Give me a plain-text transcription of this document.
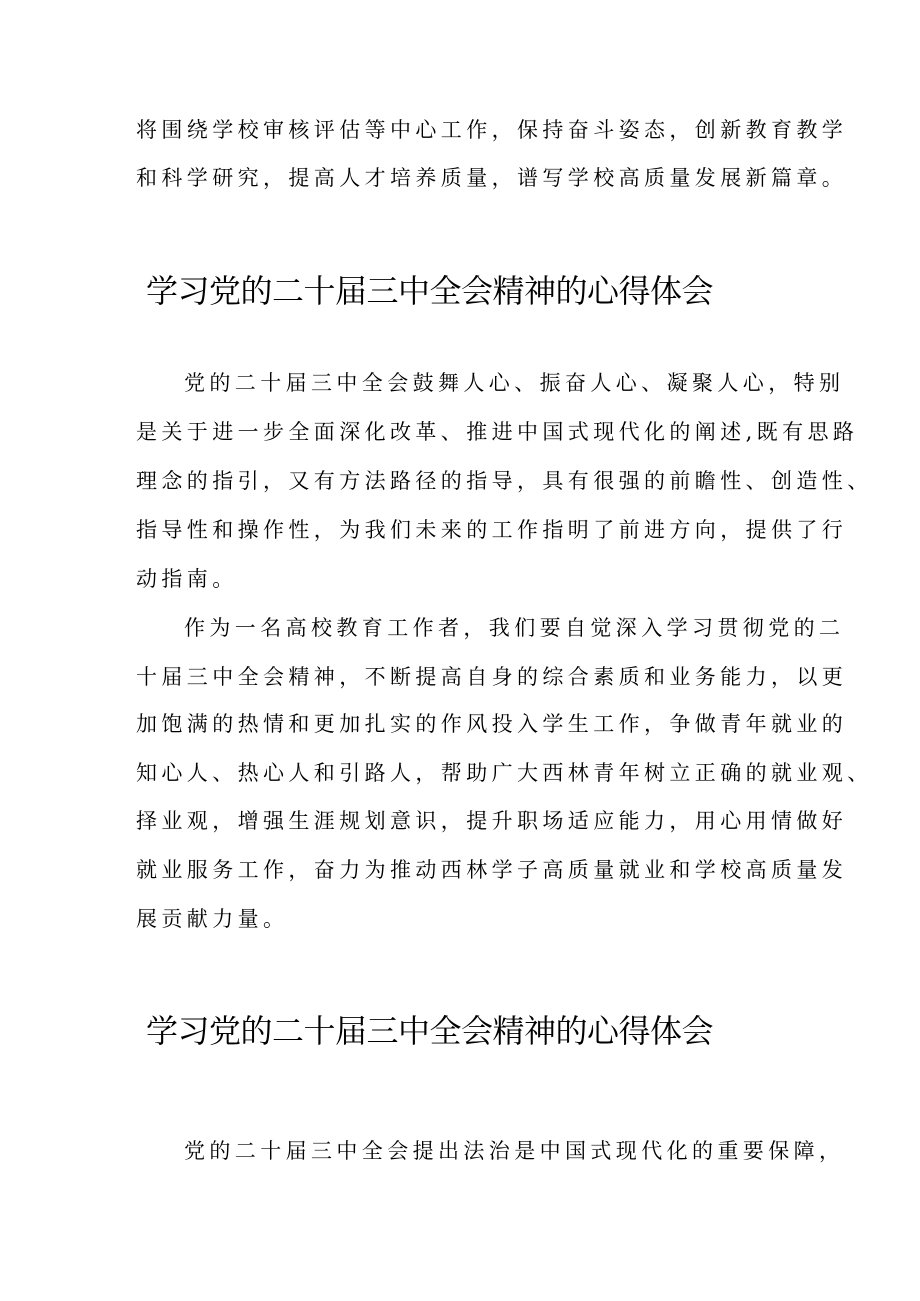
将围绕学校审核评估等中心工作，保持奋斗姿态，创新教育教学
和科学研究，提高人才培养质量，谱写学校高质量发展新篇章。
学习党的二十届三中全会精神的心得体会
党的二十届三中全会鼓舞人心、振奋人心、凝聚人心，特别
是关于进一步全面深化改革、推进中国式现代化的阐述,既有思路
理念的指引，又有方法路径的指导，具有很强的前瞻性、创造性、
指导性和操作性，为我们未来的工作指明了前进方向，提供了行
动指南。
作为一名高校教育工作者，我们要自觉深入学习贯彻党的二
十届三中全会精神，不断提高自身的综合素质和业务能力，以更
加饱满的热情和更加扎实的作风投入学生工作，争做青年就业的
知心人、热心人和引路人，帮助广大西林青年树立正确的就业观、
择业观，增强生涯规划意识，提升职场适应能力，用心用情做好
就业服务工作，奋力为推动西林学子高质量就业和学校高质量发
展贡献力量。
学习党的二十届三中全会精神的心得体会
党的二十届三中全会提出法治是中国式现代化的重要保障，
